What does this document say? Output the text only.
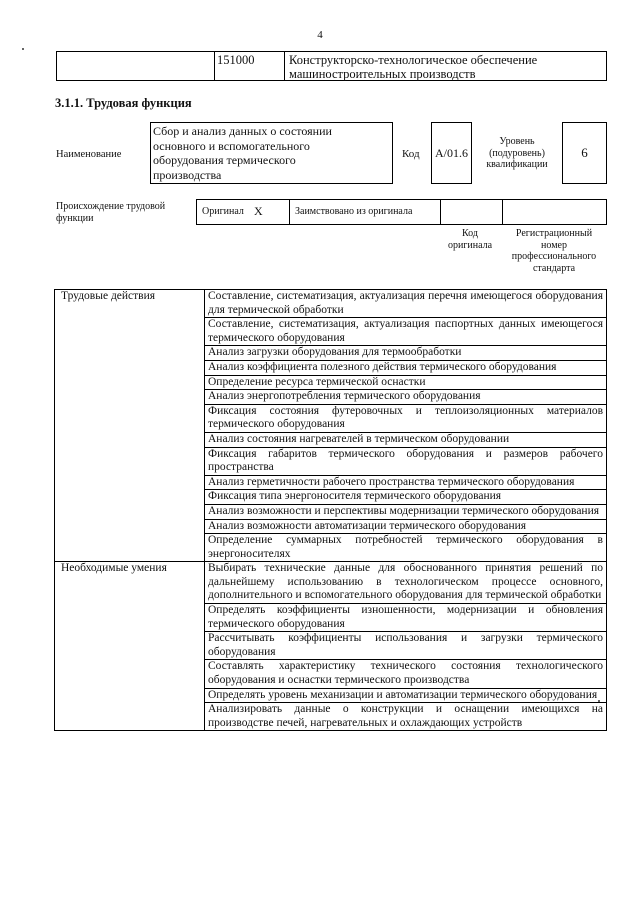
4
151000	Конструкторско-технологическое обеспечение машиностроительных производств
3.1.1. Трудовая функция
Наименование
Сбор и анализ данных о состоянии основного и вспомогательного оборудования термического производства
Код A/01.6
Уровень (подуровень) квалификации
6
Происхождение трудовой функции
Оригинал X	Заимствовано из оригинала
Код оригинала
Регистрационный номер профессионального стандарта
Трудовые действия	Составление, систематизация, актуализация перечня имеющегося оборудования для термической обработки
	Составление, систематизация, актуализация паспортных данных имеющегося термического оборудования
	Анализ загрузки оборудования для термообработки
	Анализ коэффициента полезного действия термического оборудования
	Определение ресурса термической оснастки
	Анализ энергопотребления термического оборудования
	Фиксация состояния футеровочных и теплоизоляционных материалов термического оборудования
	Анализ состояния нагревателей в термическом оборудовании
	Фиксация габаритов термического оборудования и размеров рабочего пространства
	Анализ герметичности рабочего пространства термического оборудования
	Фиксация типа энергоносителя термического оборудования
	Анализ возможности и перспективы модернизации термического оборудования
	Анализ возможности автоматизации термического оборудования
	Определение суммарных потребностей термического оборудования в энергоносителях
Необходимые умения	Выбирать технические данные для обоснованного принятия решений по дальнейшему использованию в технологическом процессе основного, дополнительного и вспомогательного оборудования для термической обработки
	Определять коэффициенты изношенности, модернизации и обновления термического оборудования
	Рассчитывать коэффициенты использования и загрузки термического оборудования
	Составлять характеристику технического состояния технологического оборудования и оснастки термического производства
	Определять уровень механизации и автоматизации термического оборудования
	Анализировать данные о конструкции и оснащении имеющихся на производстве печей, нагревательных и охлаждающих устройств
